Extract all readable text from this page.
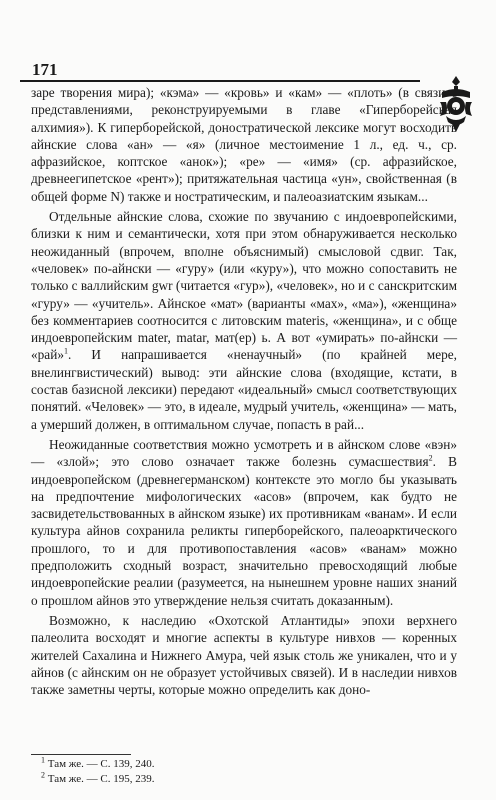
171

заре творения мира); «кэма» — «кровь» и «кам» — «плоть» (в связи с представлениями, реконструируемыми в главе «Гиперборейская алхимия»). К гиперборейской, доностратической лексике могут восходить айнские слова «ан» — «я» (личное местоимение 1 л., ед. ч., ср. афразийское, коптское «анок»); «ре» — «имя» (ср. афразийское, древнеегипетское «рент»); притяжательная частица «ун», свойственная (в общей форме N) также и ностратическим, и палеоазиатским языкам...

Отдельные айнские слова, схожие по звучанию с индоевропейскими, близки к ним и семантически, хотя при этом обнаруживается несколько неожиданный (впрочем, вполне объяснимый) смысловой сдвиг. Так, «человек» по-айнски — «гуру» (или «куру»), что можно сопоставить не только с валлийским gwr (читается «гур»), «человек», но и с санскритским «гуру» — «учитель». Айнское «мат» (варианты «мах», «ма»), «женщина» без комментариев соотносится с литовским materis, «женщина», и с обще индоевропейским mater, matar, мат(ер) ь. А вот «умирать» по-айнски — «рай»$^1$. И напрашивается «ненаучный» (по крайней мере, внелингвистический) вывод: эти айнские слова (входящие, кстати, в состав базисной лексики) передают «идеальный» смысл соответствующих понятий. «Человек» — это, в идеале, мудрый учитель, «женщина» — мать, а умерший должен, в оптимальном случае, попасть в рай...

Неожиданные соответствия можно усмотреть и в айнском слове «вэн» — «злой»; это слово означает также болезнь сумасшествия$^2$. В индоевропейском (древнегерманском) контексте это могло бы указывать на предпочтение мифологических «асов» (впрочем, как будто не засвидетельствованных в айнском языке) их противникам «ванам». И если культура айнов сохранила реликты гиперборейского, палеоарктического прошлого, то и для противопоставления «асов» «ванам» можно предположить сходный возраст, значительно превосходящий любые индоевропейские реалии (разумеется, на нынешнем уровне наших знаний о прошлом айнов это утверждение нельзя считать доказанным).

Возможно, к наследию «Охотской Атлантиды» эпохи верхнего палеолита восходят и многие аспекты в культуре нивхов — коренных жителей Сахалина и Нижнего Амура, чей язык столь же уникален, что и у айнов (с айнским он не образует устойчивых связей). И в наследии нивхов также заметны черты, которые можно определить как доно-

$^1$ Там же. — С. 139, 240.
$^2$ Там же. — С. 195, 239.
